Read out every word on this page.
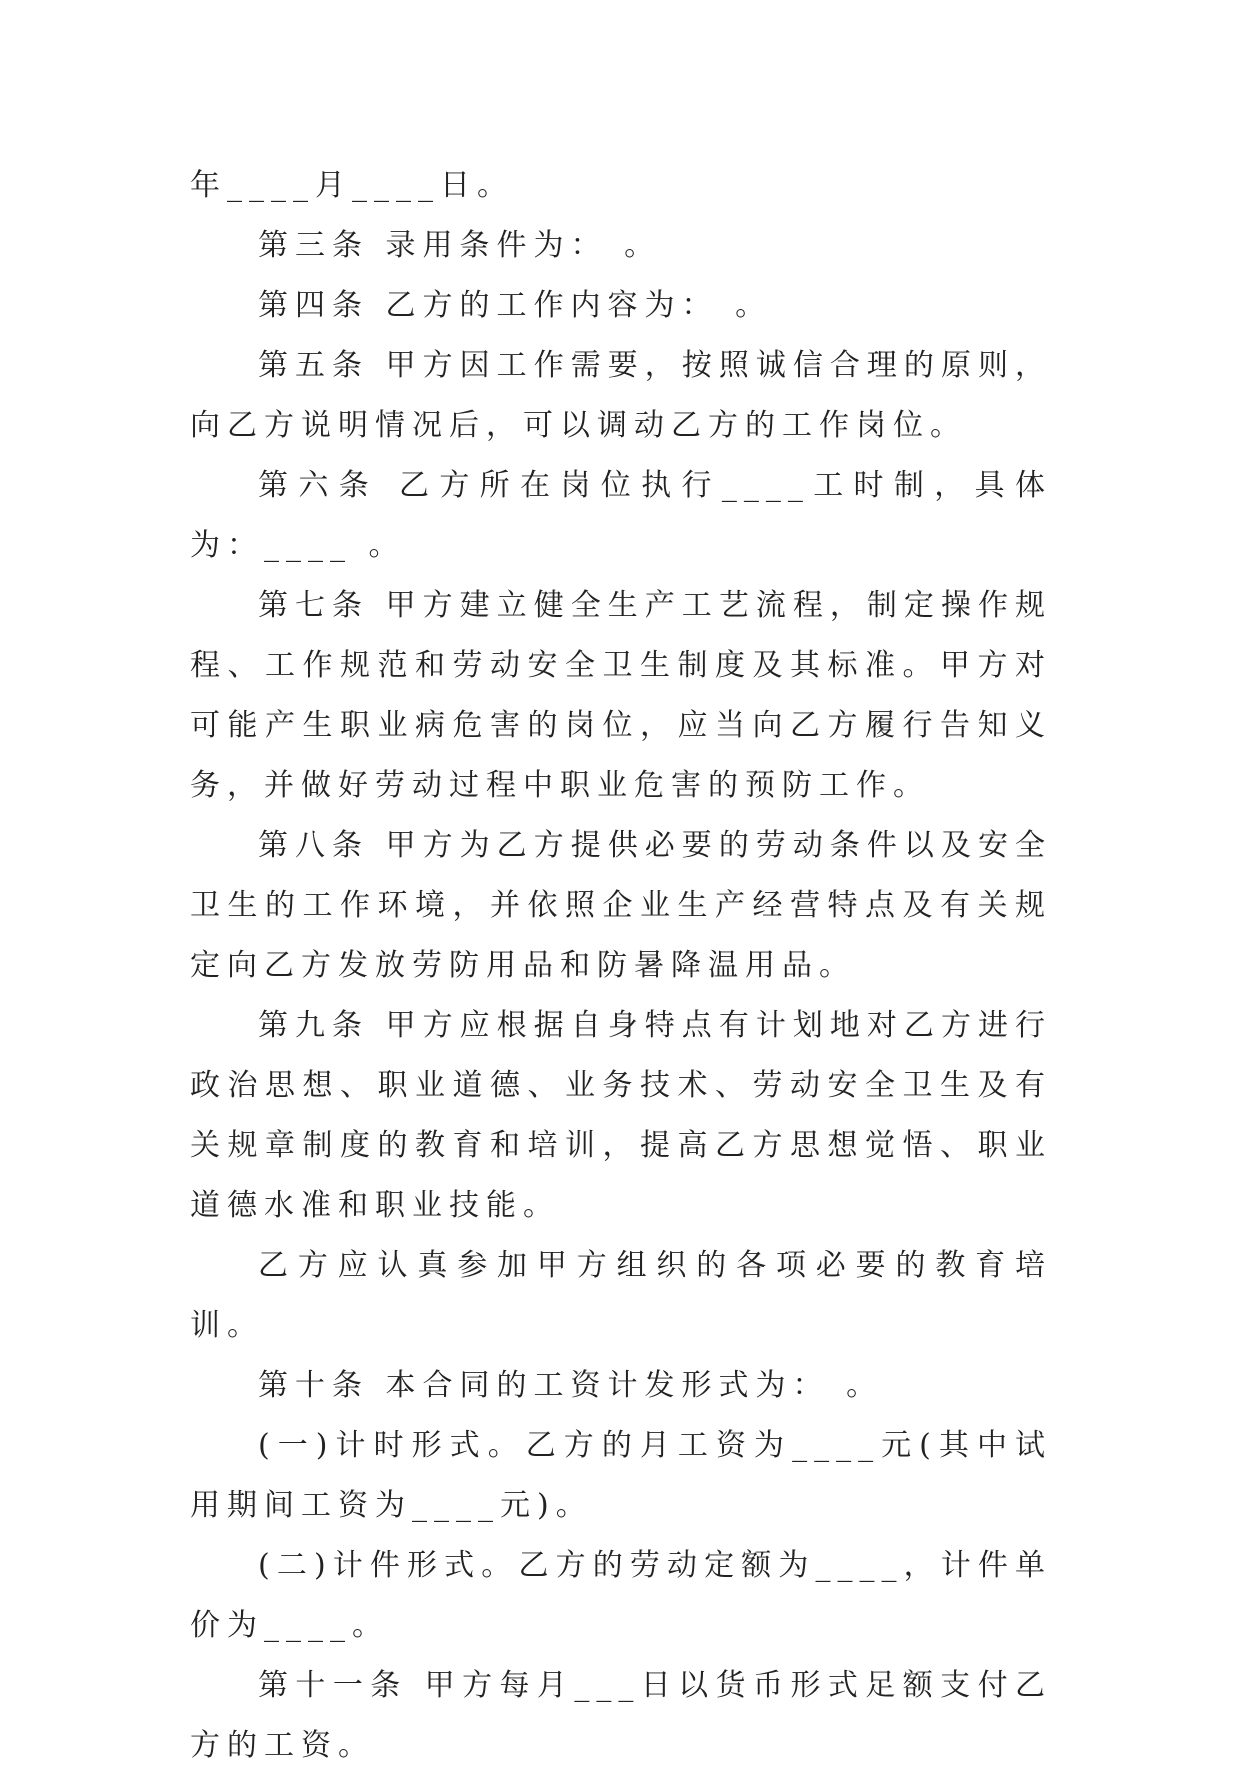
年____月____日。

第三条 录用条件为： 。

第四条 乙方的工作内容为： 。

第五条 甲方因工作需要，按照诚信合理的原则，向乙方说明情况后，可以调动乙方的工作岗位。

第六条 乙方所在岗位执行____工时制，具体为：____ 。

第七条 甲方建立健全生产工艺流程，制定操作规程、工作规范和劳动安全卫生制度及其标准。甲方对可能产生职业病危害的岗位，应当向乙方履行告知义务，并做好劳动过程中职业危害的预防工作。

第八条 甲方为乙方提供必要的劳动条件以及安全卫生的工作环境，并依照企业生产经营特点及有关规定向乙方发放劳防用品和防暑降温用品。

第九条 甲方应根据自身特点有计划地对乙方进行政治思想、职业道德、业务技术、劳动安全卫生及有关规章制度的教育和培训，提高乙方思想觉悟、职业道德水准和职业技能。

乙方应认真参加甲方组织的各项必要的教育培训。

第十条 本合同的工资计发形式为： 。

(一)计时形式。乙方的月工资为____元(其中试用期间工资为____元)。

(二)计件形式。乙方的劳动定额为____，计件单价为____。

第十一条 甲方每月___日以货币形式足额支付乙方的工资。
